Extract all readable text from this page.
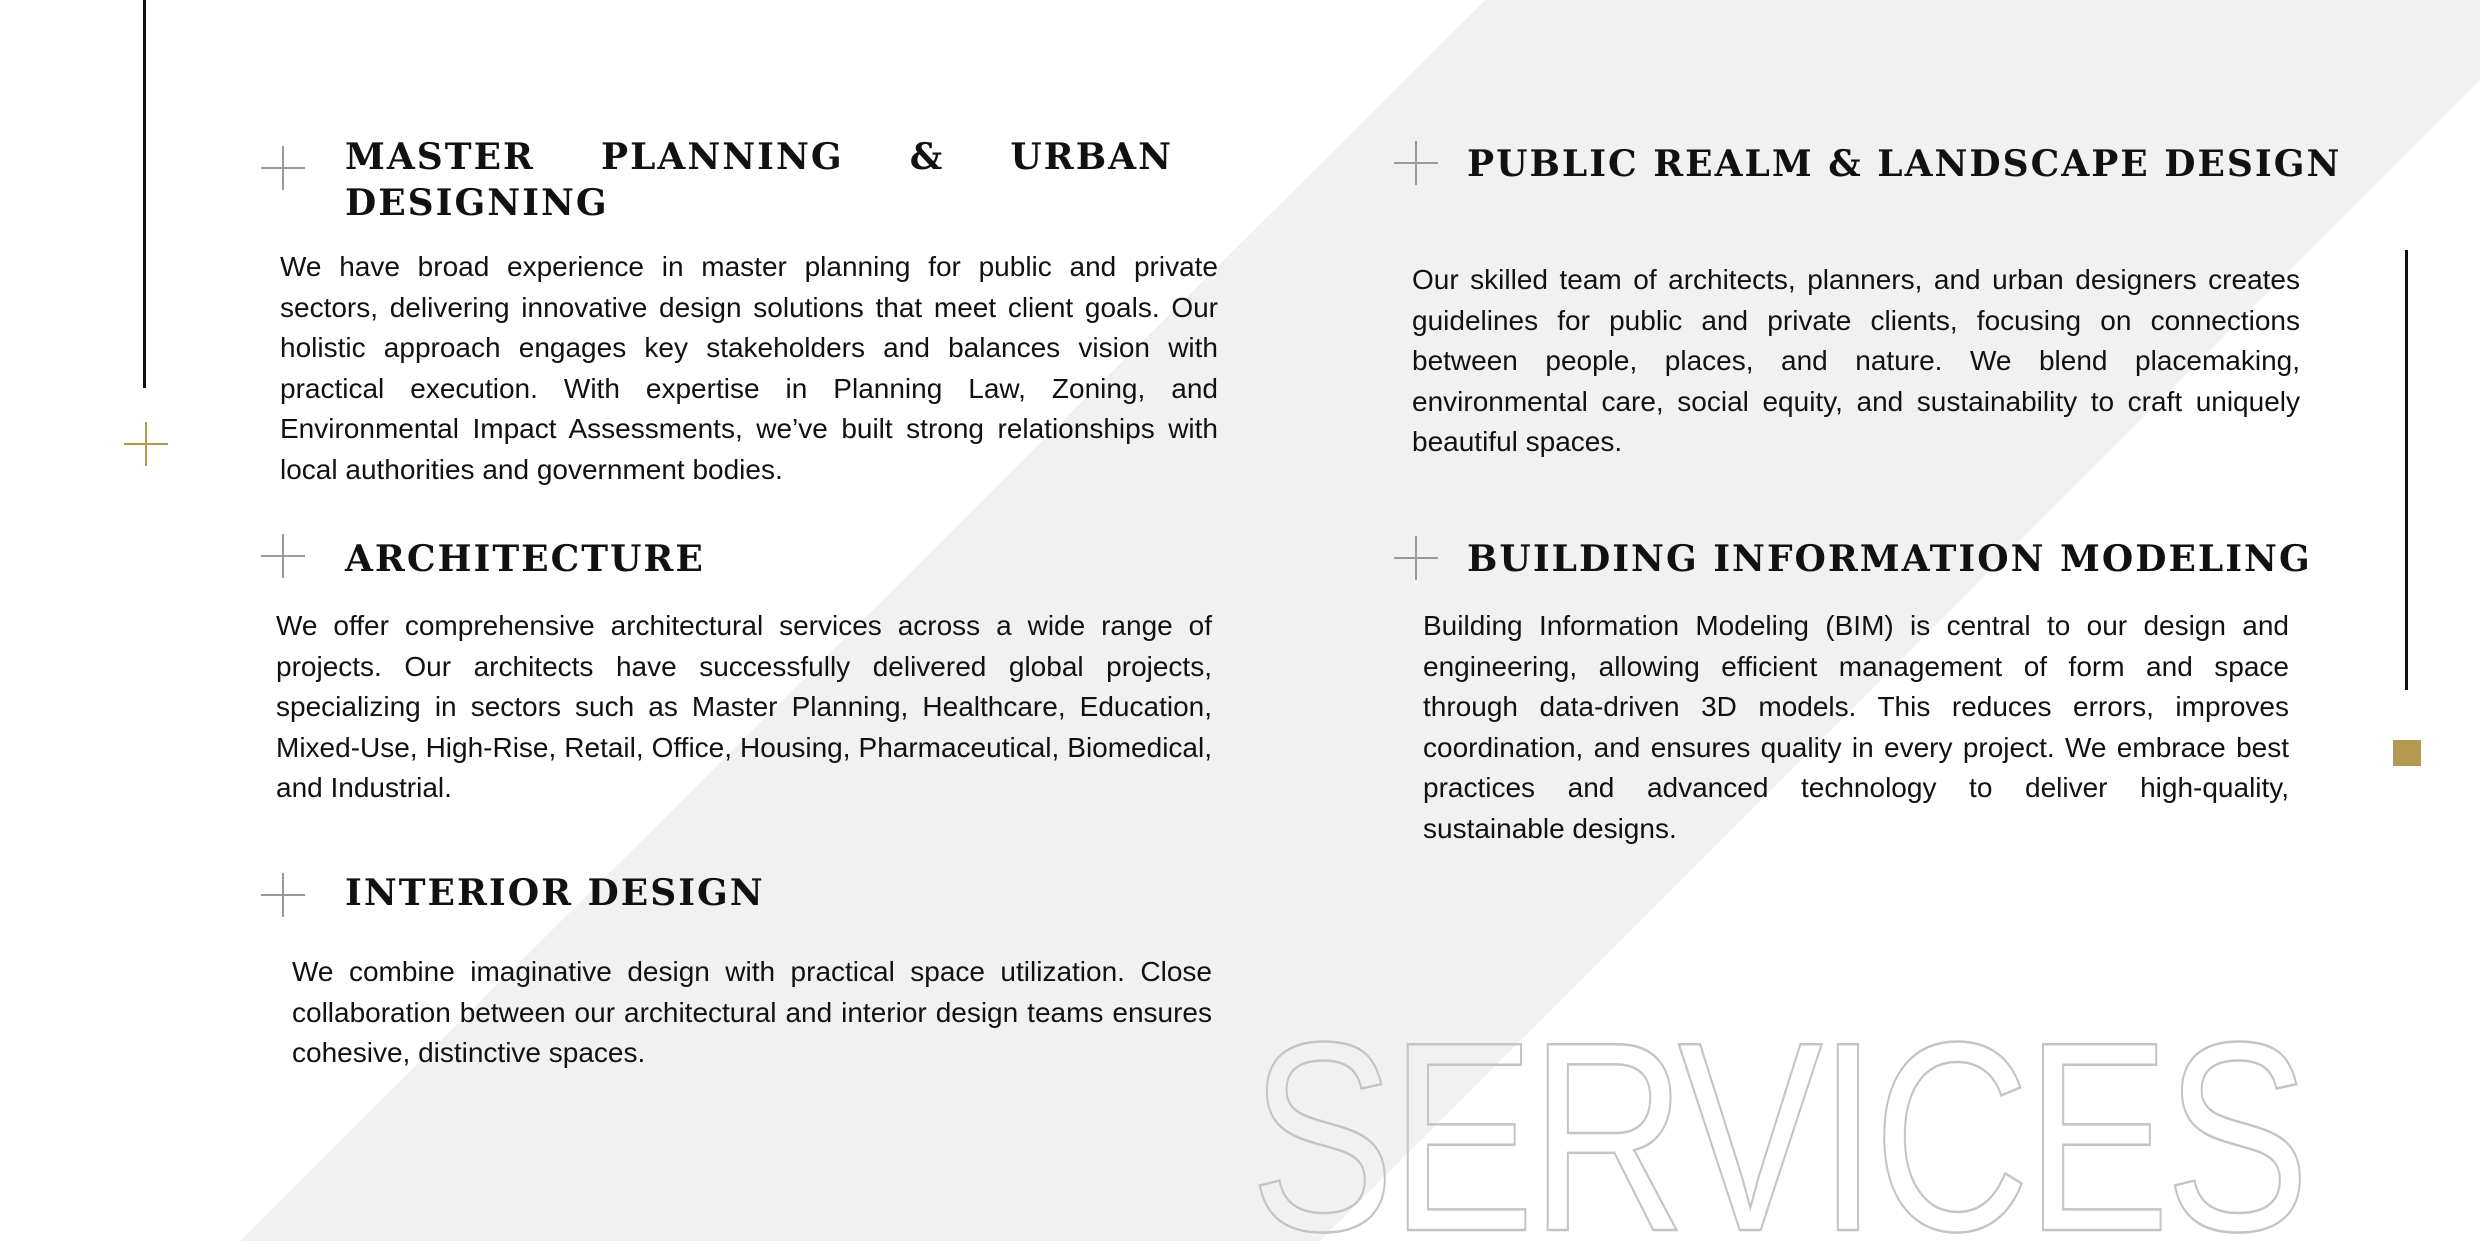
MASTER PLANNING & URBAN DESIGNING

We have broad experience in master planning for public and private sectors, delivering innovative design solutions that meet client goals. Our holistic approach engages key stakeholders and balances vision with practical execution. With expertise in Planning Law, Zoning, and Environmental Impact Assessments, we’ve built strong relationships with local authorities and government bodies.

PUBLIC REALM & LANDSCAPE DESIGN

Our skilled team of architects, planners, and urban designers creates guidelines for public and private clients, focusing on connections between people, places, and nature. We blend placemaking, environmental care, social equity, and sustainability to craft uniquely beautiful spaces.

ARCHITECTURE

We offer comprehensive architectural services across a wide range of projects. Our architects have successfully delivered global projects, specializing in sectors such as Master Planning, Healthcare, Education, Mixed-Use, High-Rise, Retail, Office, Housing, Pharmaceutical, Biomedical, and Industrial.

BUILDING INFORMATION MODELING

Building Information Modeling (BIM) is central to our design and engineering, allowing efficient management of form and space through data-driven 3D models. This reduces errors, improves coordination, and ensures quality in every project. We embrace best practices and advanced technology to deliver high-quality, sustainable designs.

INTERIOR DESIGN

We combine imaginative design with practical space utilization. Close collaboration between our architectural and interior design teams ensures cohesive, distinctive spaces.	SERVICES
